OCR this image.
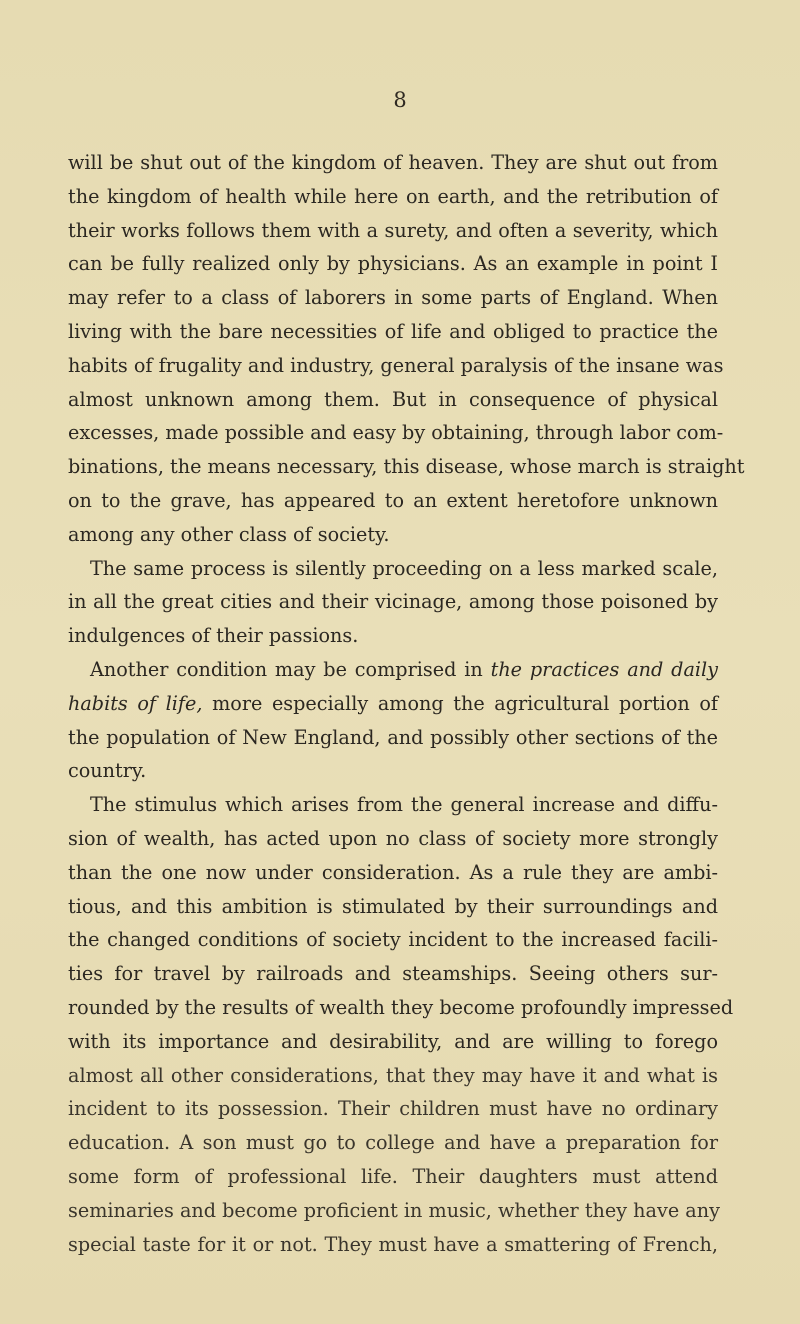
8
will be shut out of the kingdom of heaven. They are shut out from
the kingdom of health while here on earth, and the retribution of
their works follows them with a surety, and often a severity, which
can be fully realized only by physicians. As an example in point I
may refer to a class of laborers in some parts of England. When
living with the bare necessities of life and obliged to practice the
habits of frugality and industry, general paralysis of the insane was
almost unknown among them. But in consequence of physical
excesses, made possible and easy by obtaining, through labor com-
binations, the means necessary, this disease, whose march is straight
on to the grave, has appeared to an extent heretofore unknown
among any other class of society.
The same process is silently proceeding on a less marked scale,
in all the great cities and their vicinage, among those poisoned by
indulgences of their passions.
Another condition may be comprised in the practices and daily
habits of life, more especially among the agricultural portion of
the population of New England, and possibly other sections of the
country.
The stimulus which arises from the general increase and diffu-
sion of wealth, has acted upon no class of society more strongly
than the one now under consideration. As a rule they are ambi-
tious, and this ambition is stimulated by their surroundings and
the changed conditions of society incident to the increased facili-
ties for travel by railroads and steamships. Seeing others sur-
rounded by the results of wealth they become profoundly impressed
with its importance and desirability, and are willing to forego
almost all other considerations, that they may have it and what is
incident to its possession. Their children must have no ordinary
education. A son must go to college and have a preparation for
some form of professional life. Their daughters must attend
seminaries and become proficient in music, whether they have any
special taste for it or not. They must have a smattering of French,
